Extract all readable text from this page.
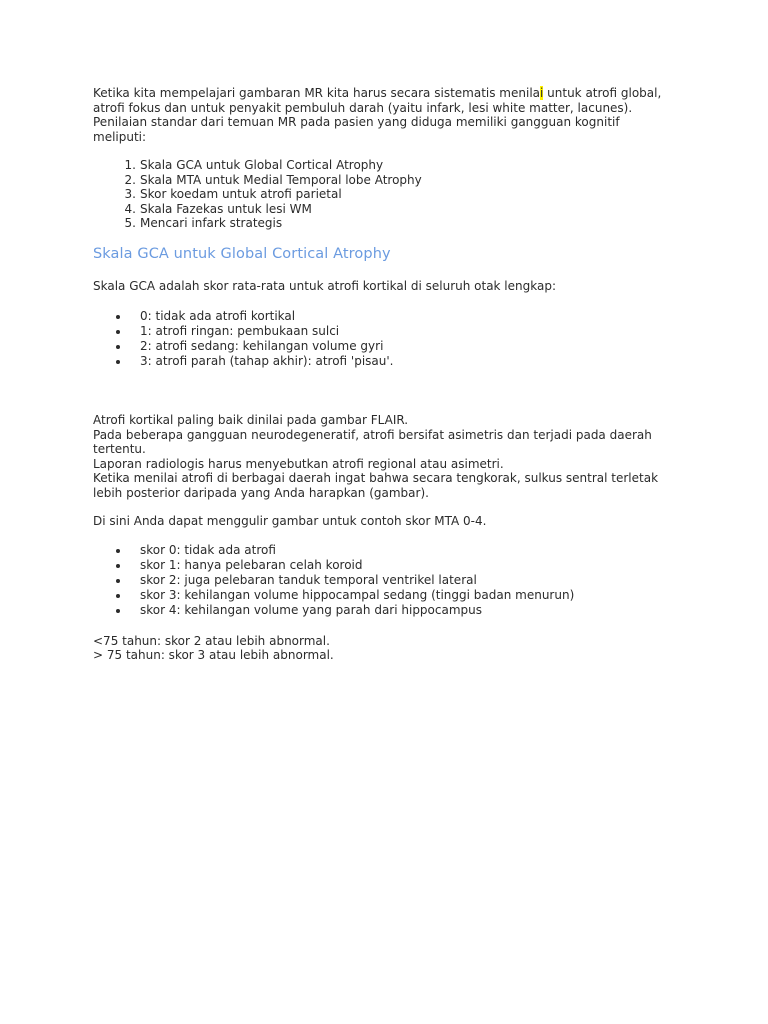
Ketika kita mempelajari gambaran MR kita harus secara sistematis menilai untuk atrofi global, atrofi fokus dan untuk penyakit pembuluh darah (yaitu infark, lesi white matter, lacunes).

Penilaian standar dari temuan MR pada pasien yang diduga memiliki gangguan kognitif meliputi:

1. Skala GCA untuk Global Cortical Atrophy
2. Skala MTA untuk Medial Temporal lobe Atrophy
3. Skor koedam untuk atrofi parietal
4. Skala Fazekas untuk lesi WM
5. Mencari infark strategis
Skala GCA untuk Global Cortical Atrophy

Skala GCA adalah skor rata-rata untuk atrofi kortikal di seluruh otak lengkap:

0: tidak ada atrofi kortikal
1: atrofi ringan: pembukaan sulci
2: atrofi sedang: kehilangan volume gyri
3: atrofi parah (tahap akhir): atrofi 'pisau'.

Atrofi kortikal paling baik dinilai pada gambar FLAIR.

Pada beberapa gangguan neurodegeneratif, atrofi bersifat asimetris dan terjadi pada daerah tertentu.

Laporan radiologis harus menyebutkan atrofi regional atau asimetri.

Ketika menilai atrofi di berbagai daerah ingat bahwa secara tengkorak, sulkus sentral terletak lebih posterior daripada yang Anda harapkan (gambar).

Di sini Anda dapat menggulir gambar untuk contoh skor MTA 0-4.

skor 0: tidak ada atrofi
skor 1: hanya pelebaran celah koroid
skor 2: juga pelebaran tanduk temporal ventrikel lateral
skor 3: kehilangan volume hippocampal sedang (tinggi badan menurun)
skor 4: kehilangan volume yang parah dari hippocampus

<75 tahun: skor 2 atau lebih abnormal.

> 75 tahun: skor 3 atau lebih abnormal.
